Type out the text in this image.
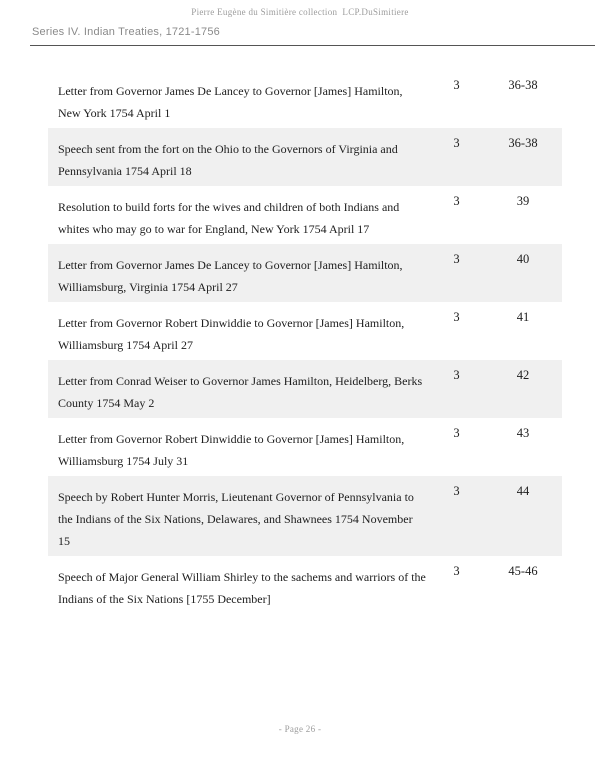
Pierre Eugène du Simitière collection  LCP.DuSimitiere
Series IV. Indian Treaties, 1721-1756
Letter from Governor James De Lancey to Governor [James] Hamilton, New York 1754 April 1
3	36-38
Speech sent from the fort on the Ohio to the Governors of Virginia and Pennsylvania 1754 April 18
3	36-38
Resolution to build forts for the wives and children of both Indians and whites who may go to war for England, New York 1754 April 17
3	39
Letter from Governor James De Lancey to Governor [James] Hamilton, Williamsburg, Virginia 1754 April 27
3	40
Letter from Governor Robert Dinwiddie to Governor [James] Hamilton, Williamsburg 1754 April 27
3	41
Letter from Conrad Weiser to Governor James Hamilton, Heidelberg, Berks County 1754 May 2
3	42
Letter from Governor Robert Dinwiddie to Governor [James] Hamilton, Williamsburg 1754 July 31
3	43
Speech by Robert Hunter Morris, Lieutenant Governor of Pennsylvania to the Indians of the Six Nations, Delawares, and Shawnees 1754 November 15
3	44
Speech of Major General William Shirley to the sachems and warriors of the Indians of the Six Nations [1755 December]
3	45-46
- Page 26 -
